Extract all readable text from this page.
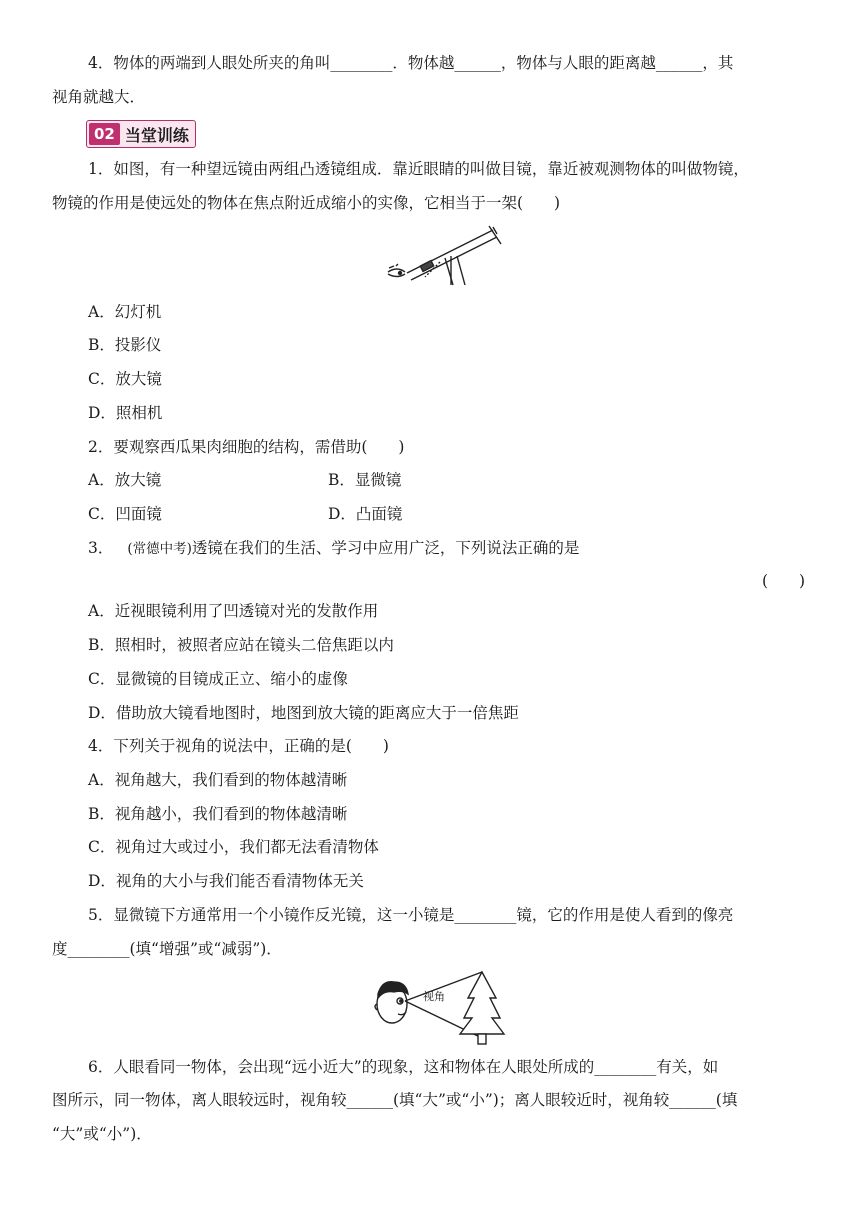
4．物体的两端到人眼处所夹的角叫________．物体越______，物体与人眼的距离越______，其
视角就越大．
02 当堂训练
1．如图，有一种望远镜由两组凸透镜组成．靠近眼睛的叫做目镜，靠近被观测物体的叫做物镜，
物镜的作用是使远处的物体在焦点附近成缩小的实像，它相当于一架(　　)
A．幻灯机
B．投影仪
C．放大镜
D．照相机
2．要观察西瓜果肉细胞的结构，需借助(　　)
A．放大镜	B．显微镜
C．凹面镜	D．凸面镜
3． (常德中考)透镜在我们的生活、学习中应用广泛，下列说法正确的是
(　　)
A．近视眼镜利用了凹透镜对光的发散作用
B．照相时，被照者应站在镜头二倍焦距以内
C．显微镜的目镜成正立、缩小的虚像
D．借助放大镜看地图时，地图到放大镜的距离应大于一倍焦距
4．下列关于视角的说法中，正确的是(　　)
A．视角越大，我们看到的物体越清晰
B．视角越小，我们看到的物体越清晰
C．视角过大或过小，我们都无法看清物体
D．视角的大小与我们能否看清物体无关
5．显微镜下方通常用一个小镜作反光镜，这一小镜是________镜，它的作用是使人看到的像亮
度________(填“增强”或“减弱”)．
视角
6．人眼看同一物体，会出现“远小近大”的现象，这和物体在人眼处所成的________有关，如
图所示，同一物体，离人眼较远时，视角较______(填“大”或“小”)；离人眼较近时，视角较______(填
“大”或“小”)．
